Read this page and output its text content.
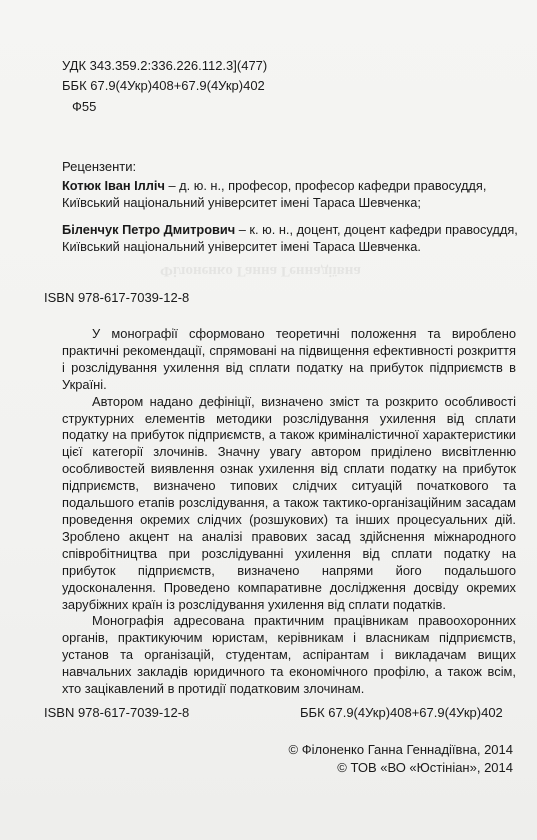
Філоненко Ганна Геннадіївна
УДК 343.359.2:336.226.112.3](477)
ББК 67.9(4Укр)408+67.9(4Укр)402
Ф55
Рецензенти:
Котюк Іван Ілліч – д. ю. н., професор, професор кафедри правосуддя,
Київський національний університет імені Тараса Шевченка;
Біленчук Петро Дмитрович – к. ю. н., доцент, доцент кафедри правосуддя,
Київський національний університет імені Тараса Шевченка.
ISBN 978-617-7039-12-8

У монографії сформовано теоретичні положення та вироблено практичні рекомендації, спрямовані на підвищення ефективності розкриття і розслідування ухилення від сплати податку на прибуток підприємств в Україні.

Автором надано дефініції, визначено зміст та розкрито особливості структурних елементів методики розслідування ухилення від сплати податку на прибуток підприємств, а також криміналістичної характеристики цієї категорії злочинів. Значну увагу автором приділено висвітленню особливостей виявлення ознак ухилення від сплати податку на прибуток підприємств, визначено типових слідчих ситуацій початкового та подальшого етапів розслідування, а також тактико-організаційним засадам проведення окремих слідчих (розшукових) та інших процесуальних дій. Зроблено акцент на аналізі правових засад здійснення міжнародного співробітництва при розслідуванні ухилення від сплати податку на прибуток підприємств, визначено напрями його подальшого удосконалення. Проведено компаративне дослідження досвіду окремих зарубіжних країн із розслідування ухилення від сплати податків.

Монографія адресована практичним працівникам правоохоронних органів, практикуючим юристам, керівникам і власникам підприємств, установ та організацій, студентам, аспірантам і викладачам вищих навчальних закладів юридичного та економічного профілю, а також всім, хто зацікавлений в протидії податковим злочинам.

ISBN 978-617-7039-12-8	ББК 67.9(4Укр)408+67.9(4Укр)402
© Філоненко Ганна Геннадіївна, 2014
© ТОВ «ВО «Юстініан», 2014
